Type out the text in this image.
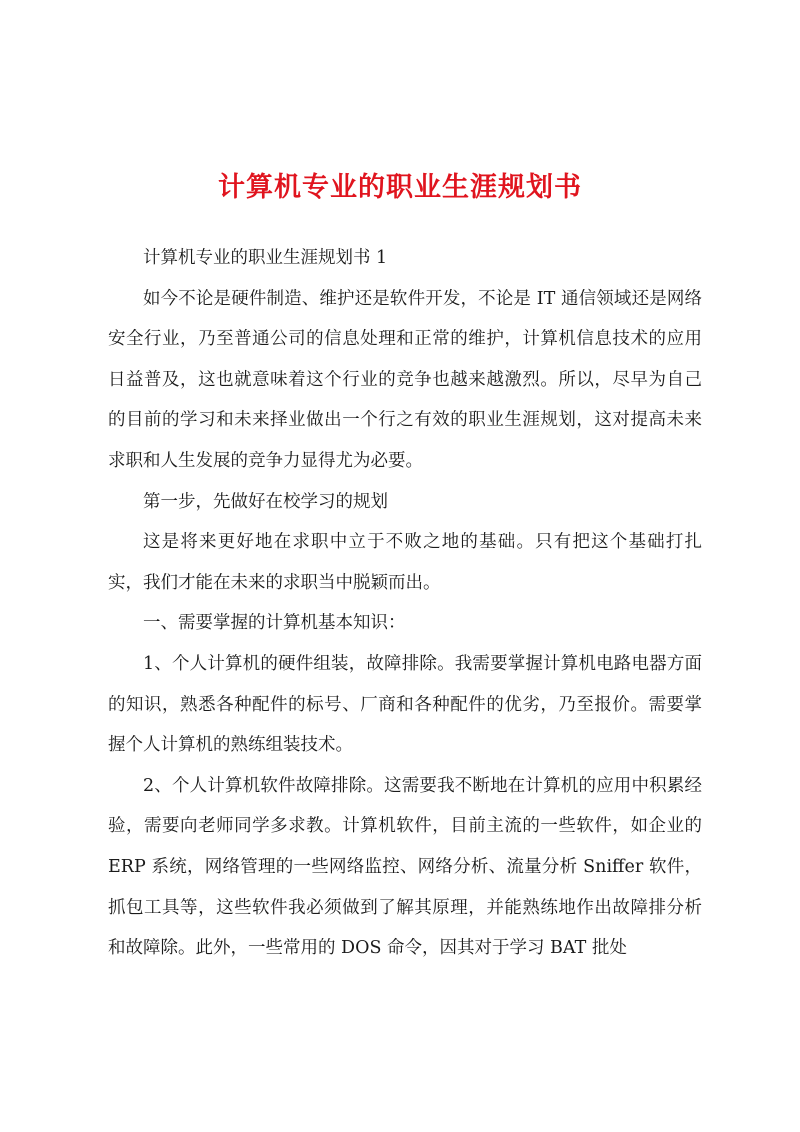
计算机专业的职业生涯规划书

计算机专业的职业生涯规划书 1

如今不论是硬件制造、维护还是软件开发，不论是 IT 通信领域还是网络安全行业，乃至普通公司的信息处理和正常的维护，计算机信息技术的应用日益普及，这也就意味着这个行业的竞争也越来越激烈。所以，尽早为自己的目前的学习和未来择业做出一个行之有效的职业生涯规划，这对提高未来求职和人生发展的竞争力显得尤为必要。

第一步，先做好在校学习的规划

这是将来更好地在求职中立于不败之地的基础。只有把这个基础打扎实，我们才能在未来的求职当中脱颖而出。

一、需要掌握的计算机基本知识：

1、个人计算机的硬件组装，故障排除。我需要掌握计算机电路电器方面的知识，熟悉各种配件的标号、厂商和各种配件的优劣，乃至报价。需要掌握个人计算机的熟练组装技术。

2、个人计算机软件故障排除。这需要我不断地在计算机的应用中积累经验，需要向老师同学多求教。计算机软件，目前主流的一些软件，如企业的 ERP 系统，网络管理的一些网络监控、网络分析、流量分析 Sniffer 软件，抓包工具等，这些软件我必须做到了解其原理，并能熟练地作出故障排分析和故障除。此外，一些常用的 DOS 命令，因其对于学习 BAT 批处
